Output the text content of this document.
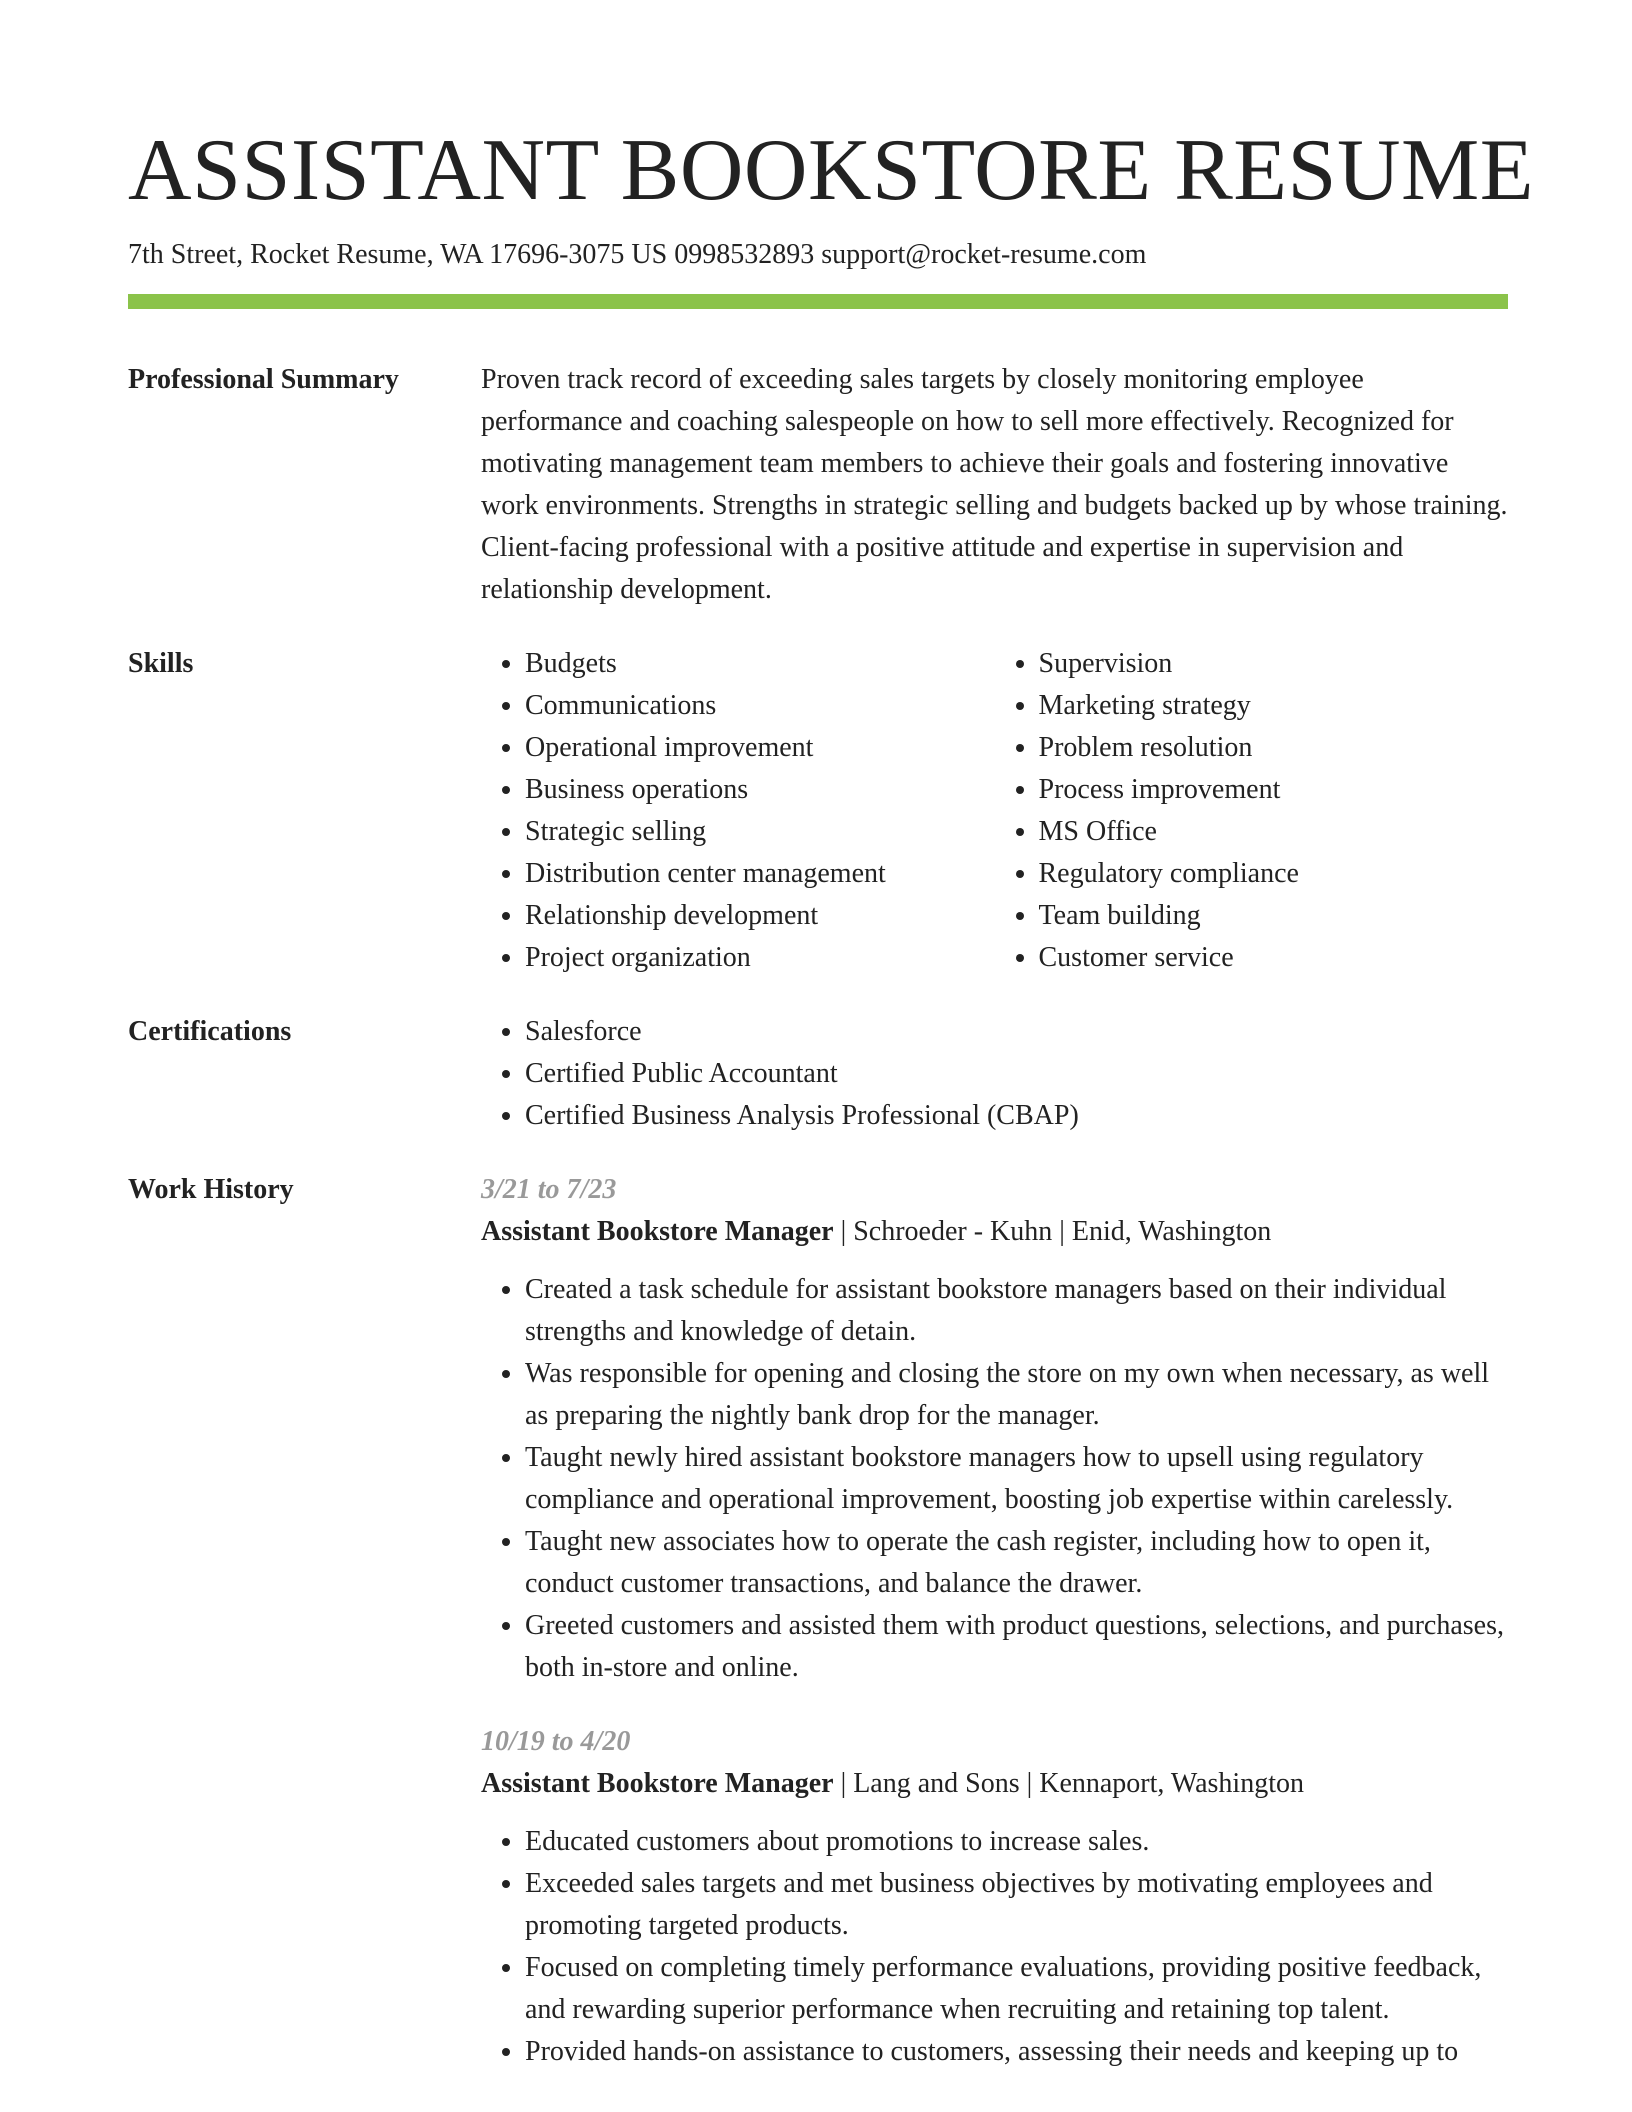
ASSISTANT BOOKSTORE RESUME
7th Street, Rocket Resume, WA 17696-3075 US 0998532893 support@rocket-resume.com
Professional Summary	Proven track record of exceeding sales targets by closely monitoring employee performance and coaching salespeople on how to sell more effectively. Recognized for motivating management team members to achieve their goals and fostering innovative work environments. Strengths in strategic selling and budgets backed up by whose training. Client-facing professional with a positive attitude and expertise in supervision and relationship development.

Skills	• Budgets
• Communications
• Operational improvement
• Business operations
• Strategic selling
• Distribution center management
• Relationship development
• Project organization
• Supervision
• Marketing strategy
• Problem resolution
• Process improvement
• MS Office
• Regulatory compliance
• Team building
• Customer service
Certifications	• Salesforce
• Certified Public Accountant
• Certified Business Analysis Professional (CBAP)
Work History	3/21 to 7/23
Assistant Bookstore Manager | Schroeder - Kuhn | Enid, Washington
• Created a task schedule for assistant bookstore managers based on their individual strengths and knowledge of detain.
• Was responsible for opening and closing the store on my own when necessary, as well as preparing the nightly bank drop for the manager.
• Taught newly hired assistant bookstore managers how to upsell using regulatory compliance and operational improvement, boosting job expertise within carelessly.
• Taught new associates how to operate the cash register, including how to open it, conduct customer transactions, and balance the drawer.
• Greeted customers and assisted them with product questions, selections, and purchases, both in-store and online.
10/19 to 4/20
Assistant Bookstore Manager | Lang and Sons | Kennaport, Washington
• Educated customers about promotions to increase sales.
• Exceeded sales targets and met business objectives by motivating employees and promoting targeted products.
• Focused on completing timely performance evaluations, providing positive feedback, and rewarding superior performance when recruiting and retaining top talent.
• Provided hands-on assistance to customers, assessing their needs and keeping up to
